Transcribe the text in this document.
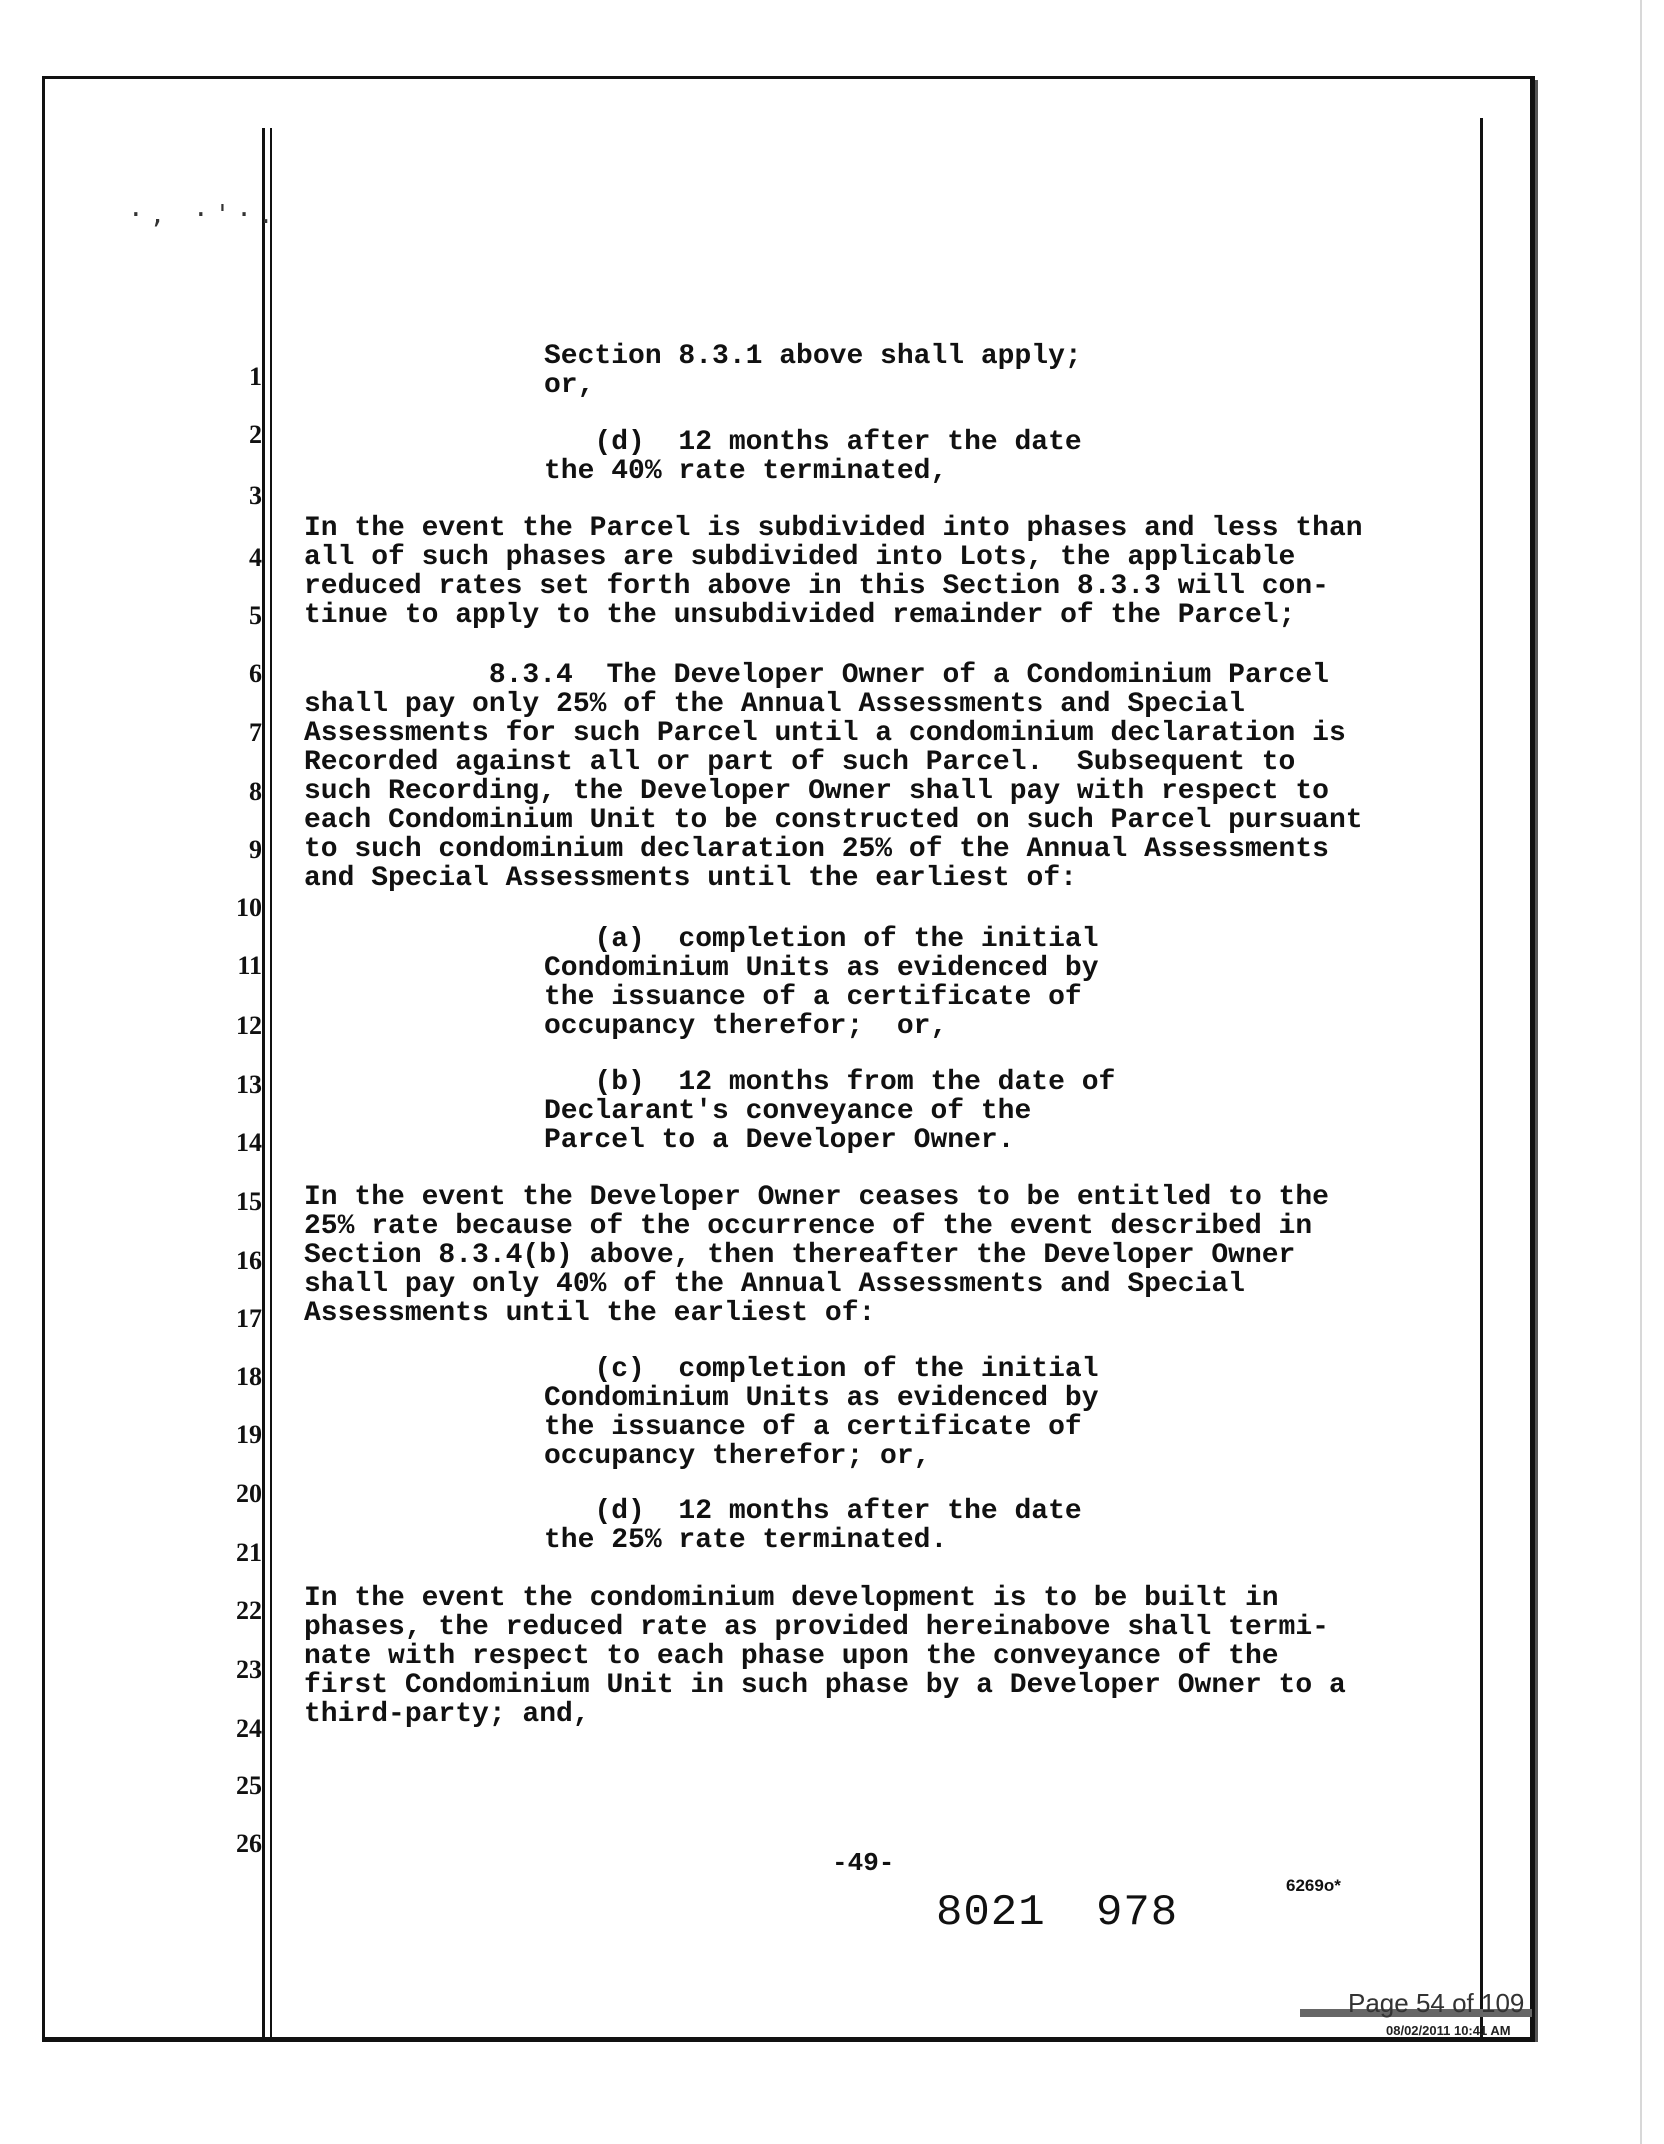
·, ·'·.
1
2
3
4
5
6
7
8
9
10
11
12
13
14
15
16
17
18
19
20
21
22
23
24
25
26
Section 8.3.1 above shall apply;
or,
(d)  12 months after the date
the 40% rate terminated,
In the event the Parcel is subdivided into phases and less than
all of such phases are subdivided into Lots, the applicable
reduced rates set forth above in this Section 8.3.3 will con-
tinue to apply to the unsubdivided remainder of the Parcel;
8.3.4  The Developer Owner of a Condominium Parcel
shall pay only 25% of the Annual Assessments and Special
Assessments for such Parcel until a condominium declaration is
Recorded against all or part of such Parcel.  Subsequent to
such Recording, the Developer Owner shall pay with respect to
each Condominium Unit to be constructed on such Parcel pursuant
to such condominium declaration 25% of the Annual Assessments
and Special Assessments until the earliest of:
(a)  completion of the initial
Condominium Units as evidenced by
the issuance of a certificate of
occupancy therefor;  or,
(b)  12 months from the date of
Declarant's conveyance of the
Parcel to a Developer Owner.
In the event the Developer Owner ceases to be entitled to the
25% rate because of the occurrence of the event described in
Section 8.3.4(b) above, then thereafter the Developer Owner
shall pay only 40% of the Annual Assessments and Special
Assessments until the earliest of:
(c)  completion of the initial
Condominium Units as evidenced by
the issuance of a certificate of
occupancy therefor; or,
(d)  12 months after the date
the 25% rate terminated.
In the event the condominium development is to be built in
phases, the reduced rate as provided hereinabove shall termi-
nate with respect to each phase upon the conveyance of the
first Condominium Unit in such phase by a Developer Owner to a
third-party; and,
-49-
8021 978
6269o*
Page 54 of 109
08/02/2011 10:41 AM
